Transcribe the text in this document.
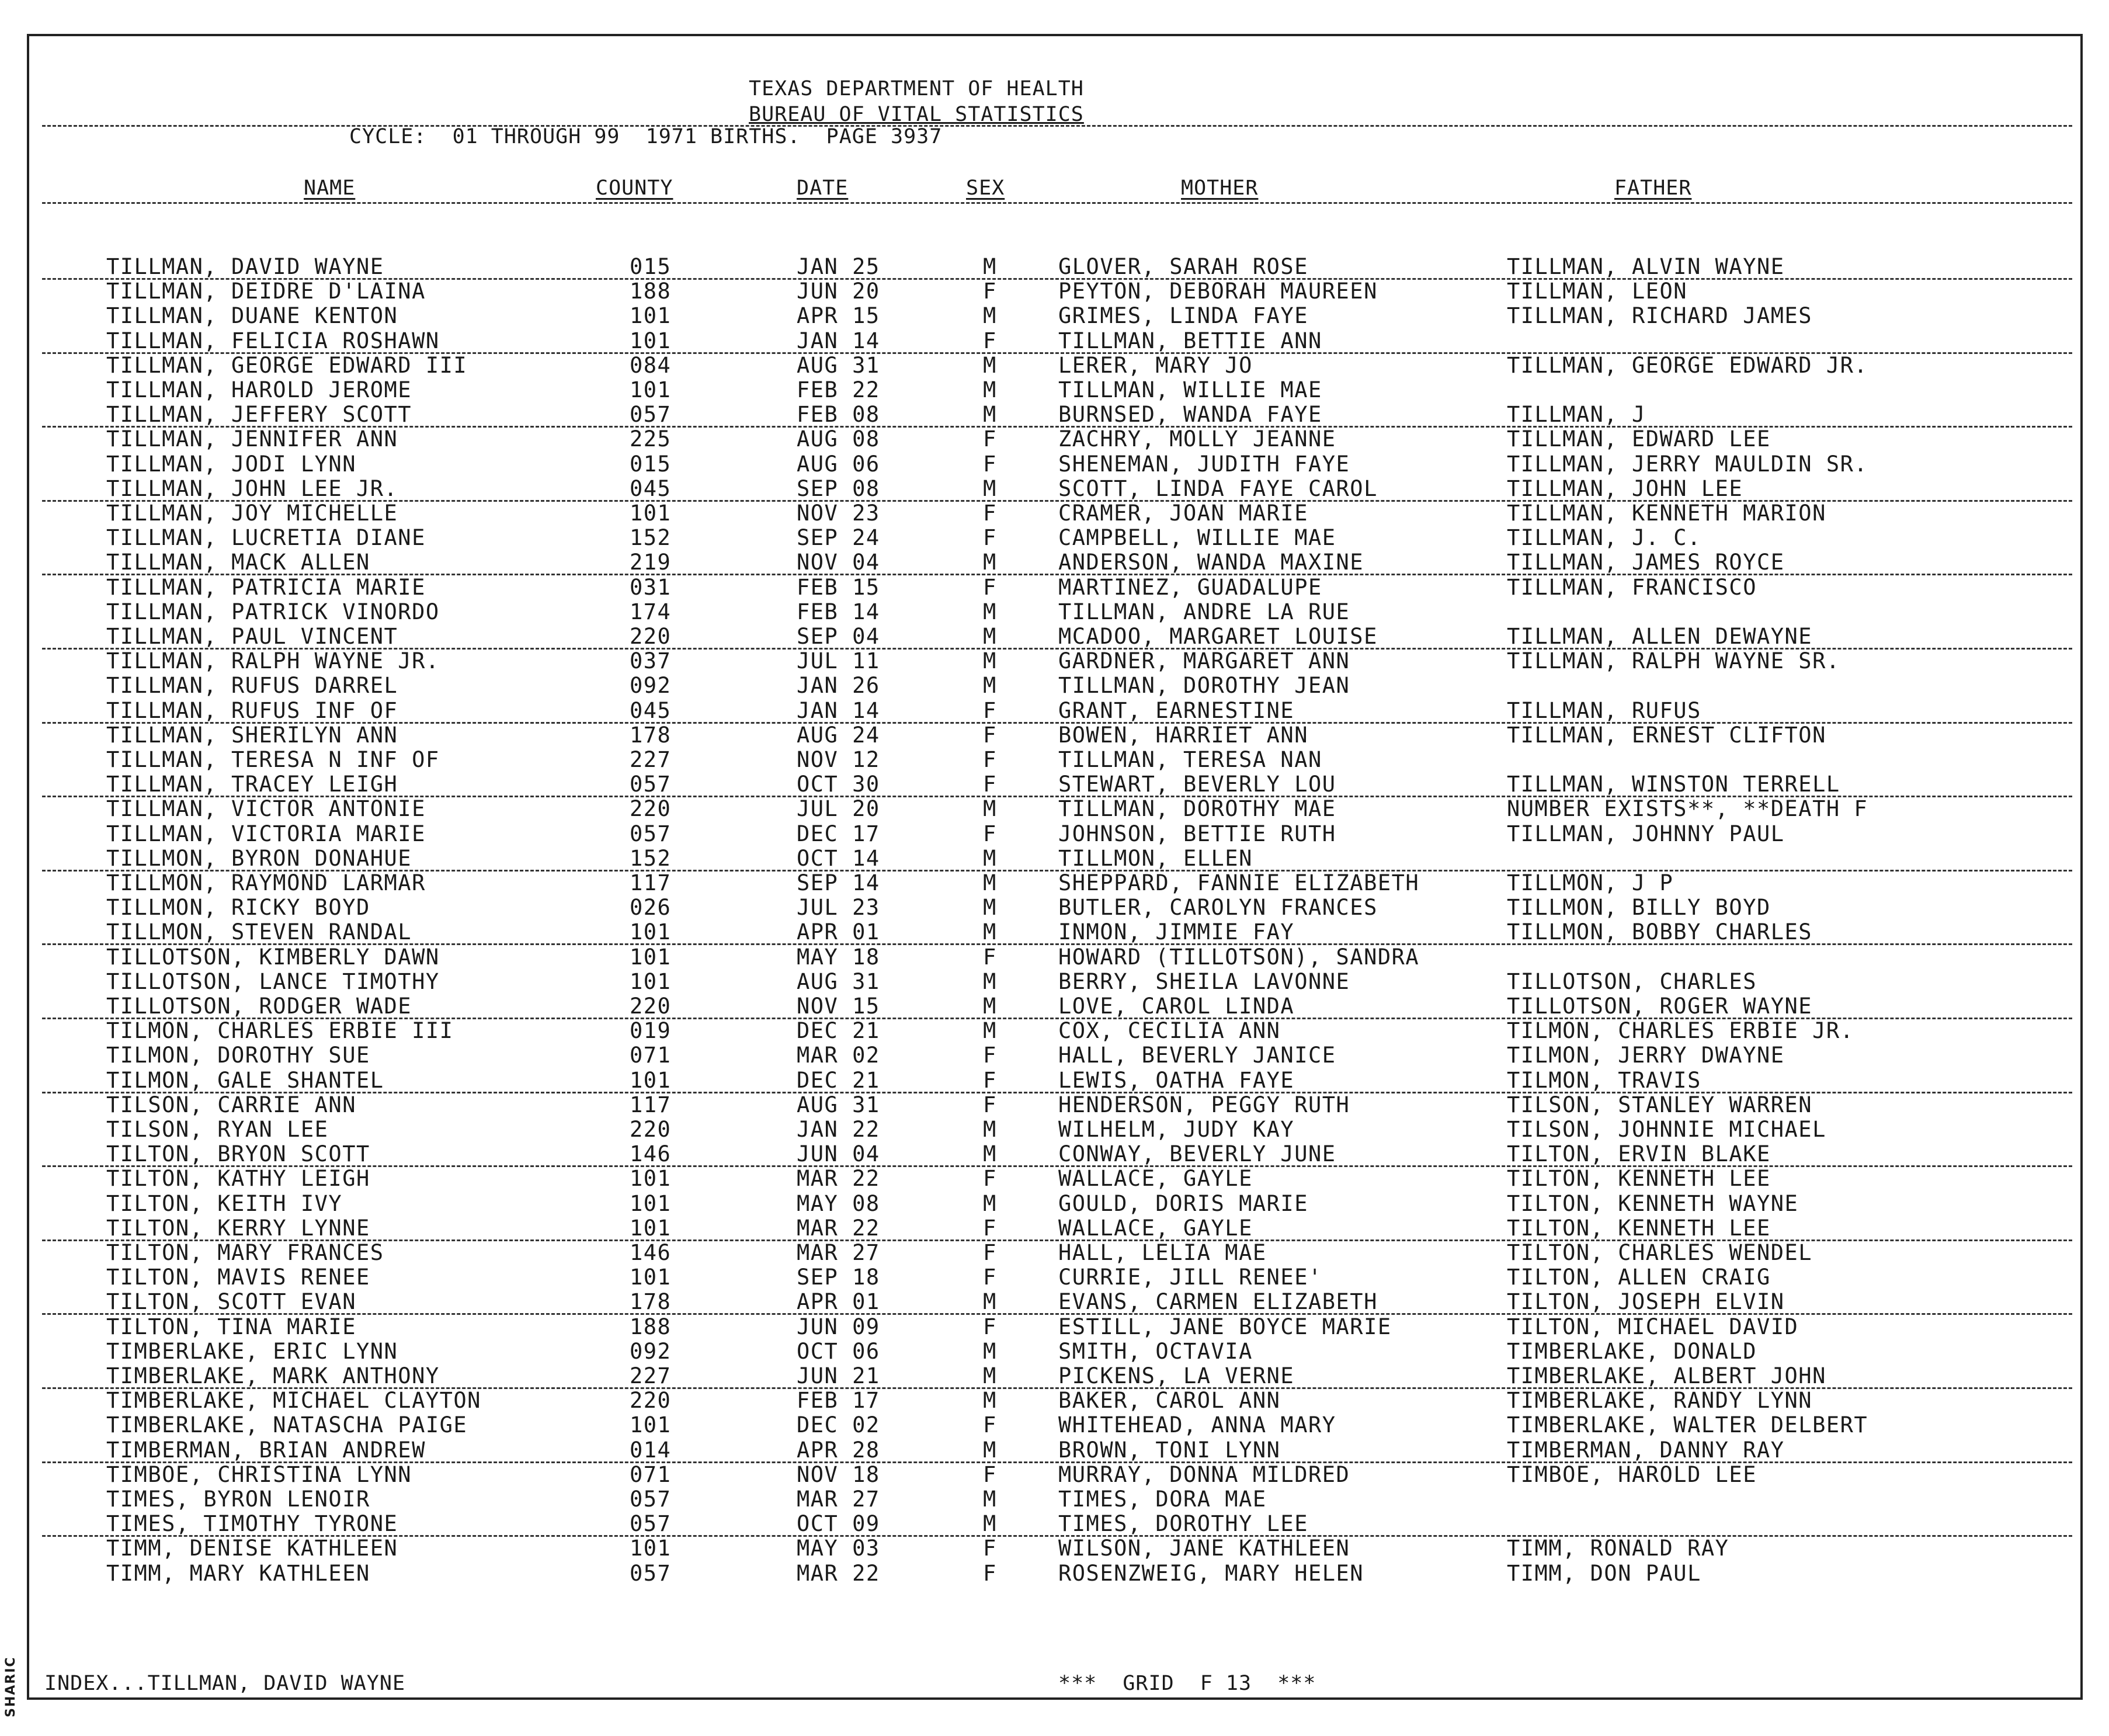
SHARIC
TEXAS DEPARTMENT OF HEALTH
BUREAU OF VITAL STATISTICS
CYCLE:  01 THROUGH 99  1971 BIRTHS.  PAGE 3937
NAME	COUNTY	DATE	SEX	MOTHER	FATHER
TILLMAN, DAVID WAYNE	015	JAN 25	M	GLOVER, SARAH ROSE	TILLMAN, ALVIN WAYNE
TILLMAN, DEIDRE D'LAINA	188	JUN 20	F	PEYTON, DEBORAH MAUREEN	TILLMAN, LEON
TILLMAN, DUANE KENTON	101	APR 15	M	GRIMES, LINDA FAYE	TILLMAN, RICHARD JAMES
TILLMAN, FELICIA ROSHAWN	101	JAN 14	F	TILLMAN, BETTIE ANN
TILLMAN, GEORGE EDWARD III	084	AUG 31	M	LERER, MARY JO	TILLMAN, GEORGE EDWARD JR.
TILLMAN, HAROLD JEROME	101	FEB 22	M	TILLMAN, WILLIE MAE
TILLMAN, JEFFERY SCOTT	057	FEB 08	M	BURNSED, WANDA FAYE	TILLMAN, J
TILLMAN, JENNIFER ANN	225	AUG 08	F	ZACHRY, MOLLY JEANNE	TILLMAN, EDWARD LEE
TILLMAN, JODI LYNN	015	AUG 06	F	SHENEMAN, JUDITH FAYE	TILLMAN, JERRY MAULDIN SR.
TILLMAN, JOHN LEE JR.	045	SEP 08	M	SCOTT, LINDA FAYE CAROL	TILLMAN, JOHN LEE
TILLMAN, JOY MICHELLE	101	NOV 23	F	CRAMER, JOAN MARIE	TILLMAN, KENNETH MARION
TILLMAN, LUCRETIA DIANE	152	SEP 24	F	CAMPBELL, WILLIE MAE	TILLMAN, J. C.
TILLMAN, MACK ALLEN	219	NOV 04	M	ANDERSON, WANDA MAXINE	TILLMAN, JAMES ROYCE
TILLMAN, PATRICIA MARIE	031	FEB 15	F	MARTINEZ, GUADALUPE	TILLMAN, FRANCISCO
TILLMAN, PATRICK VINORDO	174	FEB 14	M	TILLMAN, ANDRE LA RUE
TILLMAN, PAUL VINCENT	220	SEP 04	M	MCADOO, MARGARET LOUISE	TILLMAN, ALLEN DEWAYNE
TILLMAN, RALPH WAYNE JR.	037	JUL 11	M	GARDNER, MARGARET ANN	TILLMAN, RALPH WAYNE SR.
TILLMAN, RUFUS DARREL	092	JAN 26	M	TILLMAN, DOROTHY JEAN
TILLMAN, RUFUS INF OF	045	JAN 14	F	GRANT, EARNESTINE	TILLMAN, RUFUS
TILLMAN, SHERILYN ANN	178	AUG 24	F	BOWEN, HARRIET ANN	TILLMAN, ERNEST CLIFTON
TILLMAN, TERESA N INF OF	227	NOV 12	F	TILLMAN, TERESA NAN
TILLMAN, TRACEY LEIGH	057	OCT 30	F	STEWART, BEVERLY LOU	TILLMAN, WINSTON TERRELL
TILLMAN, VICTOR ANTONIE	220	JUL 20	M	TILLMAN, DOROTHY MAE	NUMBER EXISTS**, **DEATH F
TILLMAN, VICTORIA MARIE	057	DEC 17	F	JOHNSON, BETTIE RUTH	TILLMAN, JOHNNY PAUL
TILLMON, BYRON DONAHUE	152	OCT 14	M	TILLMON, ELLEN
TILLMON, RAYMOND LARMAR	117	SEP 14	M	SHEPPARD, FANNIE ELIZABETH	TILLMON, J P
TILLMON, RICKY BOYD	026	JUL 23	M	BUTLER, CAROLYN FRANCES	TILLMON, BILLY BOYD
TILLMON, STEVEN RANDAL	101	APR 01	M	INMON, JIMMIE FAY	TILLMON, BOBBY CHARLES
TILLOTSON, KIMBERLY DAWN	101	MAY 18	F	HOWARD (TILLOTSON), SANDRA
TILLOTSON, LANCE TIMOTHY	101	AUG 31	M	BERRY, SHEILA LAVONNE	TILLOTSON, CHARLES
TILLOTSON, RODGER WADE	220	NOV 15	M	LOVE, CAROL LINDA	TILLOTSON, ROGER WAYNE
TILMON, CHARLES ERBIE III	019	DEC 21	M	COX, CECILIA ANN	TILMON, CHARLES ERBIE JR.
TILMON, DOROTHY SUE	071	MAR 02	F	HALL, BEVERLY JANICE	TILMON, JERRY DWAYNE
TILMON, GALE SHANTEL	101	DEC 21	F	LEWIS, OATHA FAYE	TILMON, TRAVIS
TILSON, CARRIE ANN	117	AUG 31	F	HENDERSON, PEGGY RUTH	TILSON, STANLEY WARREN
TILSON, RYAN LEE	220	JAN 22	M	WILHELM, JUDY KAY	TILSON, JOHNNIE MICHAEL
TILTON, BRYON SCOTT	146	JUN 04	M	CONWAY, BEVERLY JUNE	TILTON, ERVIN BLAKE
TILTON, KATHY LEIGH	101	MAR 22	F	WALLACE, GAYLE	TILTON, KENNETH LEE
TILTON, KEITH IVY	101	MAY 08	M	GOULD, DORIS MARIE	TILTON, KENNETH WAYNE
TILTON, KERRY LYNNE	101	MAR 22	F	WALLACE, GAYLE	TILTON, KENNETH LEE
TILTON, MARY FRANCES	146	MAR 27	F	HALL, LELIA MAE	TILTON, CHARLES WENDEL
TILTON, MAVIS RENEE	101	SEP 18	F	CURRIE, JILL RENEE'	TILTON, ALLEN CRAIG
TILTON, SCOTT EVAN	178	APR 01	M	EVANS, CARMEN ELIZABETH	TILTON, JOSEPH ELVIN
TILTON, TINA MARIE	188	JUN 09	F	ESTILL, JANE BOYCE MARIE	TILTON, MICHAEL DAVID
TIMBERLAKE, ERIC LYNN	092	OCT 06	M	SMITH, OCTAVIA	TIMBERLAKE, DONALD
TIMBERLAKE, MARK ANTHONY	227	JUN 21	M	PICKENS, LA VERNE	TIMBERLAKE, ALBERT JOHN
TIMBERLAKE, MICHAEL CLAYTON	220	FEB 17	M	BAKER, CAROL ANN	TIMBERLAKE, RANDY LYNN
TIMBERLAKE, NATASCHA PAIGE	101	DEC 02	F	WHITEHEAD, ANNA MARY	TIMBERLAKE, WALTER DELBERT
TIMBERMAN, BRIAN ANDREW	014	APR 28	M	BROWN, TONI LYNN	TIMBERMAN, DANNY RAY
TIMBOE, CHRISTINA LYNN	071	NOV 18	F	MURRAY, DONNA MILDRED	TIMBOE, HAROLD LEE
TIMES, BYRON LENOIR	057	MAR 27	M	TIMES, DORA MAE
TIMES, TIMOTHY TYRONE	057	OCT 09	M	TIMES, DOROTHY LEE
TIMM, DENISE KATHLEEN	101	MAY 03	F	WILSON, JANE KATHLEEN	TIMM, RONALD RAY
TIMM, MARY KATHLEEN	057	MAR 22	F	ROSENZWEIG, MARY HELEN	TIMM, DON PAUL
INDEX...TILLMAN, DAVID WAYNE	***  GRID  F 13  ***
